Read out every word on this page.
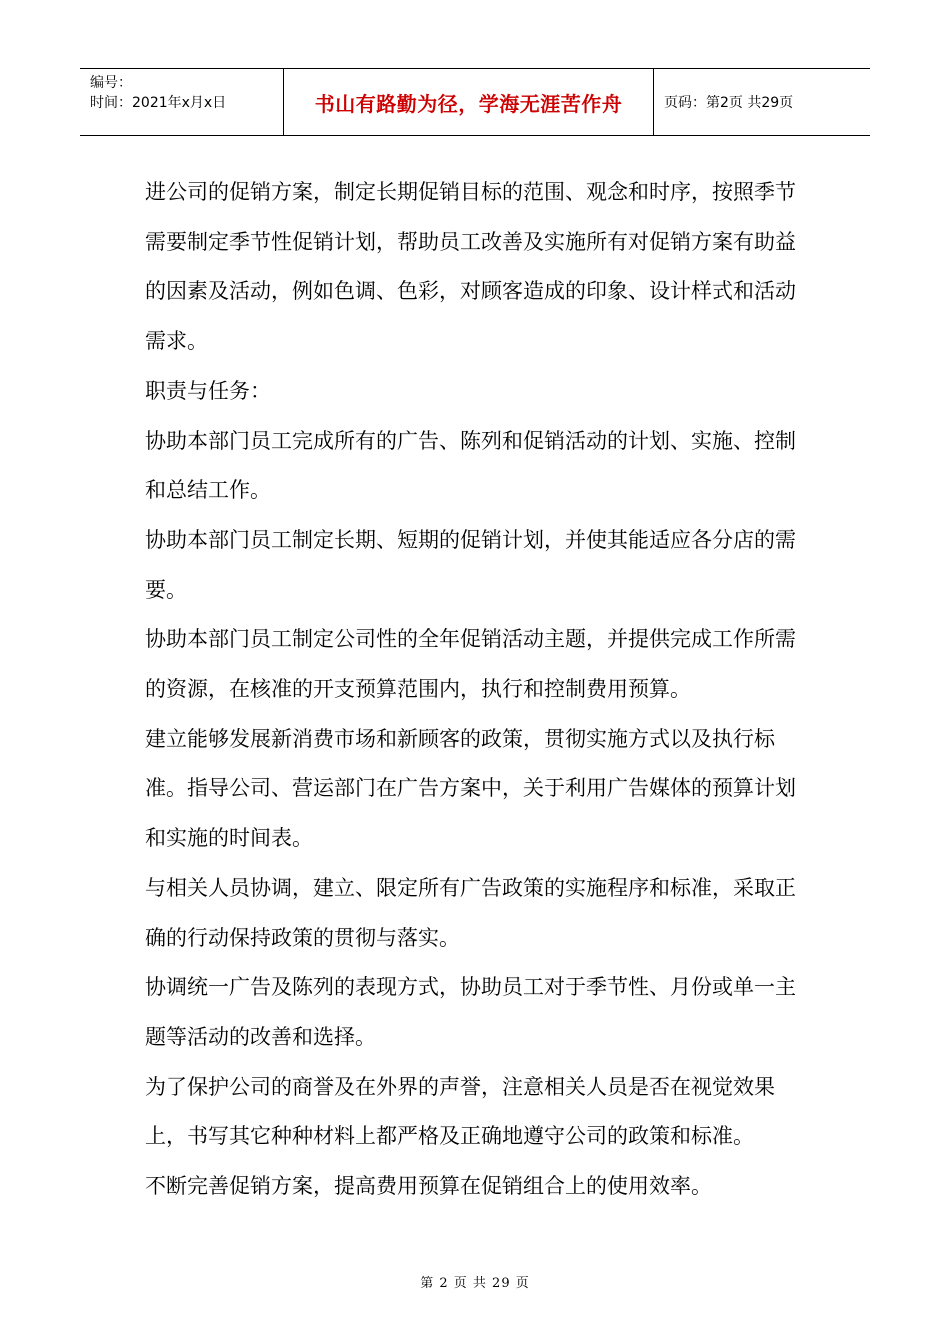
编号：
时间：2021年x月x日	书山有路勤为径，学海无涯苦作舟	页码：第2页 共29页

进公司的促销方案，制定长期促销目标的范围、观念和时序，按照季节需要制定季节性促销计划，帮助员工改善及实施所有对促销方案有助益的因素及活动，例如色调、色彩，对顾客造成的印象、设计样式和活动需求。

职责与任务：

协助本部门员工完成所有的广告、陈列和促销活动的计划、实施、控制和总结工作。

协助本部门员工制定长期、短期的促销计划，并使其能适应各分店的需要。

协助本部门员工制定公司性的全年促销活动主题，并提供完成工作所需的资源，在核准的开支预算范围内，执行和控制费用预算。

建立能够发展新消费市场和新顾客的政策，贯彻实施方式以及执行标准。指导公司、营运部门在广告方案中，关于利用广告媒体的预算计划和实施的时间表。

与相关人员协调，建立、限定所有广告政策的实施程序和标准，采取正确的行动保持政策的贯彻与落实。

协调统一广告及陈列的表现方式，协助员工对于季节性、月份或单一主题等活动的改善和选择。

为了保护公司的商誉及在外界的声誉，注意相关人员是否在视觉效果上，书写其它种种材料上都严格及正确地遵守公司的政策和标准。

不断完善促销方案，提高费用预算在促销组合上的使用效率。

第 2 页 共 29 页
